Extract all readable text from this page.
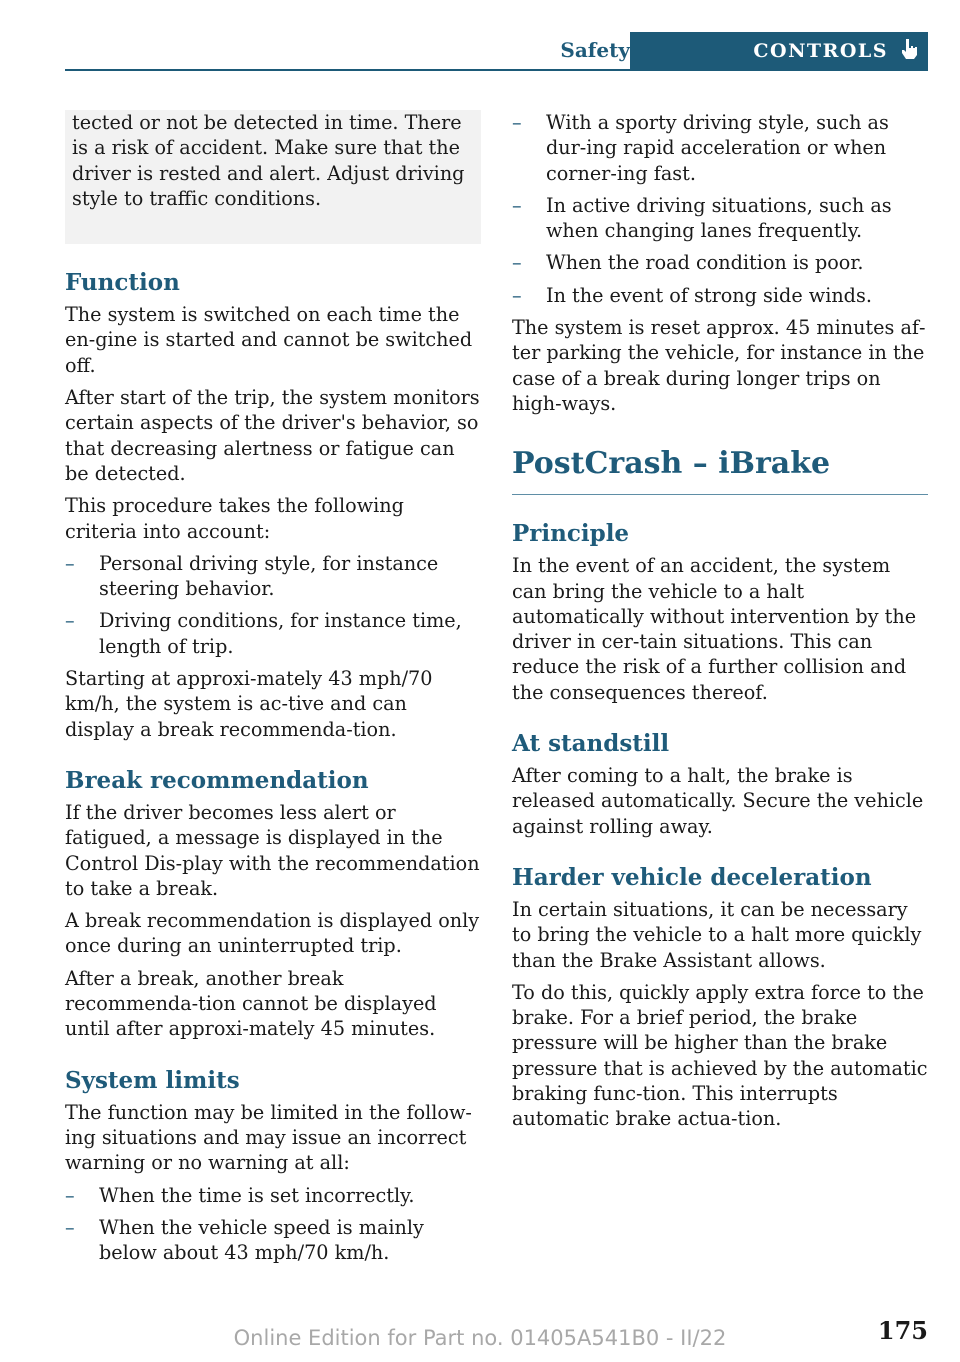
Safety	CONTROLS

tected or not be detected in time. There is a risk of accident. Make sure that the driver is rested and alert. Adjust driving style to traffic conditions.

Function

The system is switched on each time the en‐gine is started and cannot be switched off.

After start of the trip, the system monitors certain aspects of the driver's behavior, so that decreasing alertness or fatigue can be detected.

This procedure takes the following criteria into account:

– Personal driving style, for instance steering behavior.
– Driving conditions, for instance time, length of trip.

Starting at approxi‐mately 43 mph/70 km/h, the system is ac‐tive and can display a break recommenda‐tion.

Break recommendation

If the driver becomes less alert or fatigued, a message is displayed in the Control Dis‐play with the recommendation to take a break.

A break recommendation is displayed only once during an uninterrupted trip.

After a break, another break recommenda‐tion cannot be displayed until after approxi‐mately 45 minutes.

System limits

The function may be limited in the follow‐ing situations and may issue an incorrect warning or no warning at all:

– When the time is set incorrectly.
– When the vehicle speed is mainly below about 43 mph/70 km/h.
– With a sporty driving style, such as dur‐ing rapid acceleration or when corner‐ing fast.
– In active driving situations, such as when changing lanes frequently.
– When the road condition is poor.
– In the event of strong side winds.

The system is reset approx. 45 minutes af‐ter parking the vehicle, for instance in the case of a break during longer trips on high‐ways.

PostCrash – iBrake
Principle

In the event of an accident, the system can bring the vehicle to a halt automatically without intervention by the driver in cer‐tain situations. This can reduce the risk of a further collision and the consequences thereof.

At standstill

After coming to a halt, the brake is released automatically. Secure the vehicle against rolling away.

Harder vehicle deceleration

In certain situations, it can be necessary to bring the vehicle to a halt more quickly than the Brake Assistant allows.

To do this, quickly apply extra force to the brake. For a brief period, the brake pressure will be higher than the brake pressure that is achieved by the automatic braking func‐tion. This interrupts automatic brake actua‐tion.

175
Online Edition for Part no. 01405A541B0 - II/22
